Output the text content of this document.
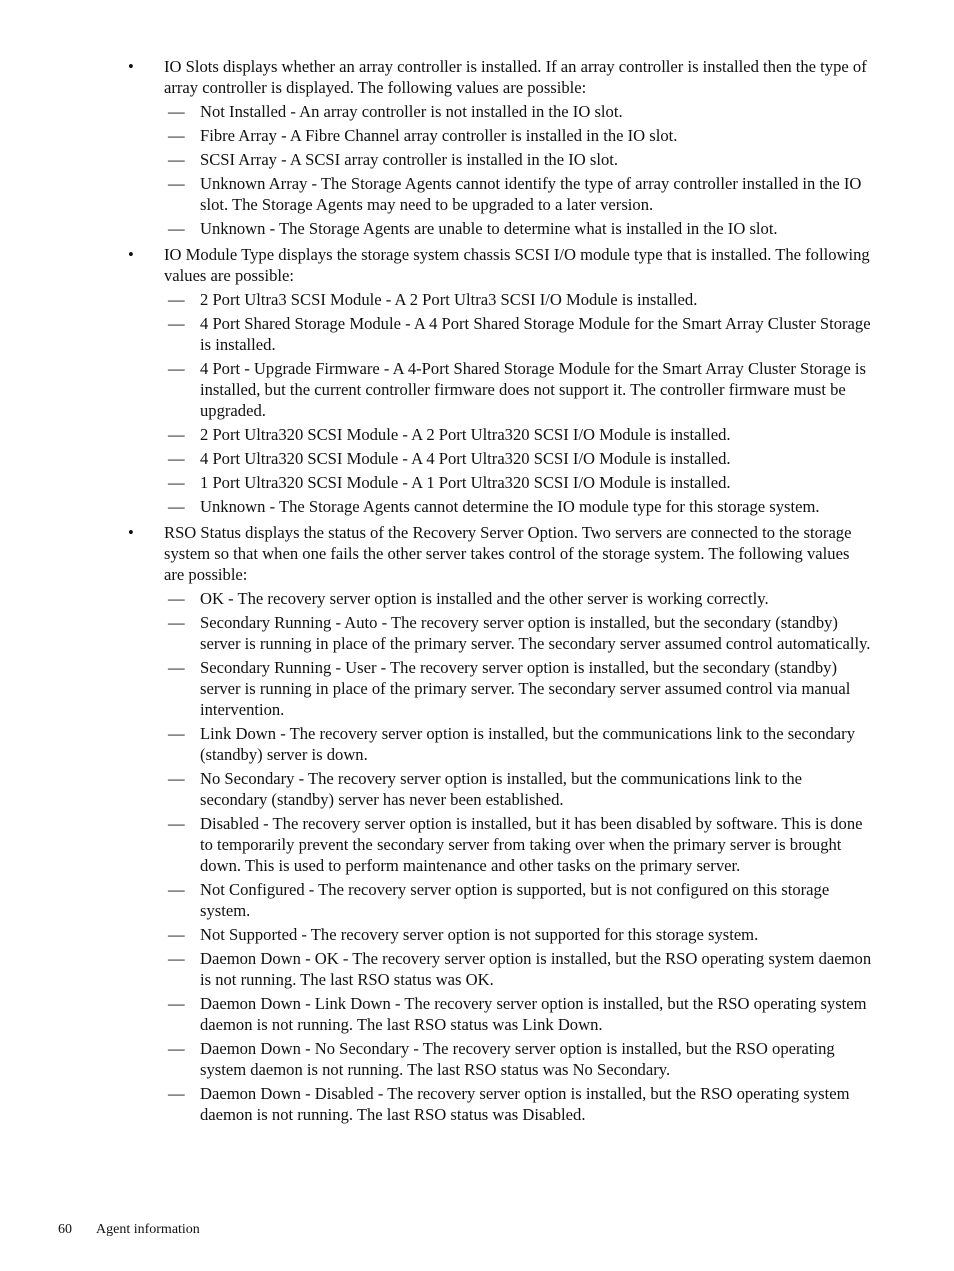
•	IO Slots displays whether an array controller is installed. If an array controller is installed then the type of array controller is displayed. The following values are possible:
— Not Installed - An array controller is not installed in the IO slot.
— Fibre Array - A Fibre Channel array controller is installed in the IO slot.
— SCSI Array - A SCSI array controller is installed in the IO slot.
— Unknown Array - The Storage Agents cannot identify the type of array controller installed in the IO slot. The Storage Agents may need to be upgraded to a later version.
— Unknown - The Storage Agents are unable to determine what is installed in the IO slot.
•	IO Module Type displays the storage system chassis SCSI I/O module type that is installed. The following values are possible:
— 2 Port Ultra3 SCSI Module - A 2 Port Ultra3 SCSI I/O Module is installed.
— 4 Port Shared Storage Module - A 4 Port Shared Storage Module for the Smart Array Cluster Storage is installed.
— 4 Port - Upgrade Firmware - A 4-Port Shared Storage Module for the Smart Array Cluster Storage is installed, but the current controller firmware does not support it. The controller firmware must be upgraded.
— 2 Port Ultra320 SCSI Module - A 2 Port Ultra320 SCSI I/O Module is installed.
— 4 Port Ultra320 SCSI Module - A 4 Port Ultra320 SCSI I/O Module is installed.
— 1 Port Ultra320 SCSI Module - A 1 Port Ultra320 SCSI I/O Module is installed.
— Unknown - The Storage Agents cannot determine the IO module type for this storage system.
•	RSO Status displays the status of the Recovery Server Option. Two servers are connected to the storage system so that when one fails the other server takes control of the storage system. The following values are possible:
— OK - The recovery server option is installed and the other server is working correctly.
— Secondary Running - Auto - The recovery server option is installed, but the secondary (standby) server is running in place of the primary server. The secondary server assumed control automatically.
— Secondary Running - User - The recovery server option is installed, but the secondary (standby) server is running in place of the primary server. The secondary server assumed control via manual intervention.
— Link Down - The recovery server option is installed, but the communications link to the secondary (standby) server is down.
— No Secondary - The recovery server option is installed, but the communications link to the secondary (standby) server has never been established.
— Disabled - The recovery server option is installed, but it has been disabled by software. This is done to temporarily prevent the secondary server from taking over when the primary server is brought down. This is used to perform maintenance and other tasks on the primary server.
— Not Configured - The recovery server option is supported, but is not configured on this storage system.
— Not Supported - The recovery server option is not supported for this storage system.
— Daemon Down - OK - The recovery server option is installed, but the RSO operating system daemon is not running. The last RSO status was OK.
— Daemon Down - Link Down - The recovery server option is installed, but the RSO operating system daemon is not running. The last RSO status was Link Down.
— Daemon Down - No Secondary - The recovery server option is installed, but the RSO operating system daemon is not running. The last RSO status was No Secondary.
— Daemon Down - Disabled - The recovery server option is installed, but the RSO operating system daemon is not running. The last RSO status was Disabled.
60 Agent information
